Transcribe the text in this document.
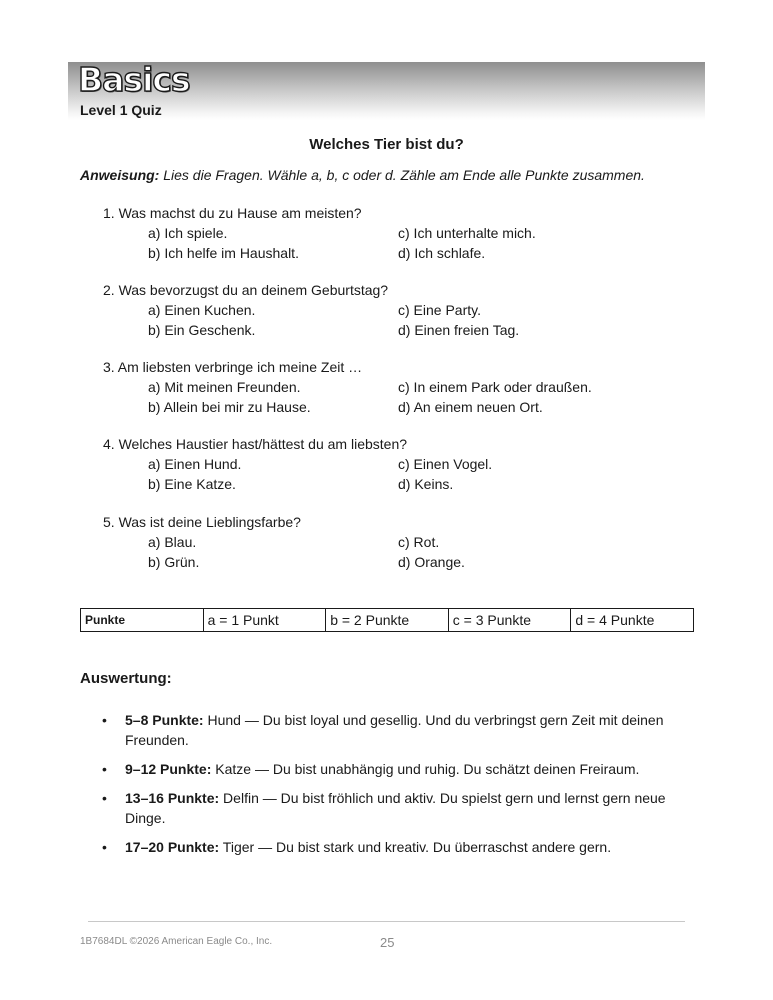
Basics
Level 1 Quiz
Welches Tier bist du?
Anweisung: Lies die Fragen. Wähle a, b, c oder d. Zähle am Ende alle Punkte zusammen.
1. Was machst du zu Hause am meisten?
a) Ich spiele.	c) Ich unterhalte mich.
b) Ich helfe im Haushalt.	d) Ich schlafe.
2. Was bevorzugst du an deinem Geburtstag?
a) Einen Kuchen.	c) Eine Party.
b) Ein Geschenk.	d) Einen freien Tag.
3. Am liebsten verbringe ich meine Zeit …
a) Mit meinen Freunden.	c) In einem Park oder draußen.
b) Allein bei mir zu Hause.	d) An einem neuen Ort.
4. Welches Haustier hast/hättest du am liebsten?
a) Einen Hund.	c) Einen Vogel.
b) Eine Katze.	d) Keins.
5. Was ist deine Lieblingsfarbe?
a) Blau.	c) Rot.
b) Grün.	d) Orange.
Punkte	a = 1 Punkt	b = 2 Punkte	c = 3 Punkte	d = 4 Punkte
Auswertung:
• 5–8 Punkte: Hund — Du bist loyal und gesellig. Und du verbringst gern Zeit mit deinen Freunden.
• 9–12 Punkte: Katze — Du bist unabhängig und ruhig. Du schätzt deinen Freiraum.
• 13–16 Punkte: Delfin — Du bist fröhlich und aktiv. Du spielst gern und lernst gern neue Dinge.
• 17–20 Punkte: Tiger — Du bist stark und kreativ. Du überraschst andere gern.
1B7684DL ©2026 American Eagle Co., Inc.	25
